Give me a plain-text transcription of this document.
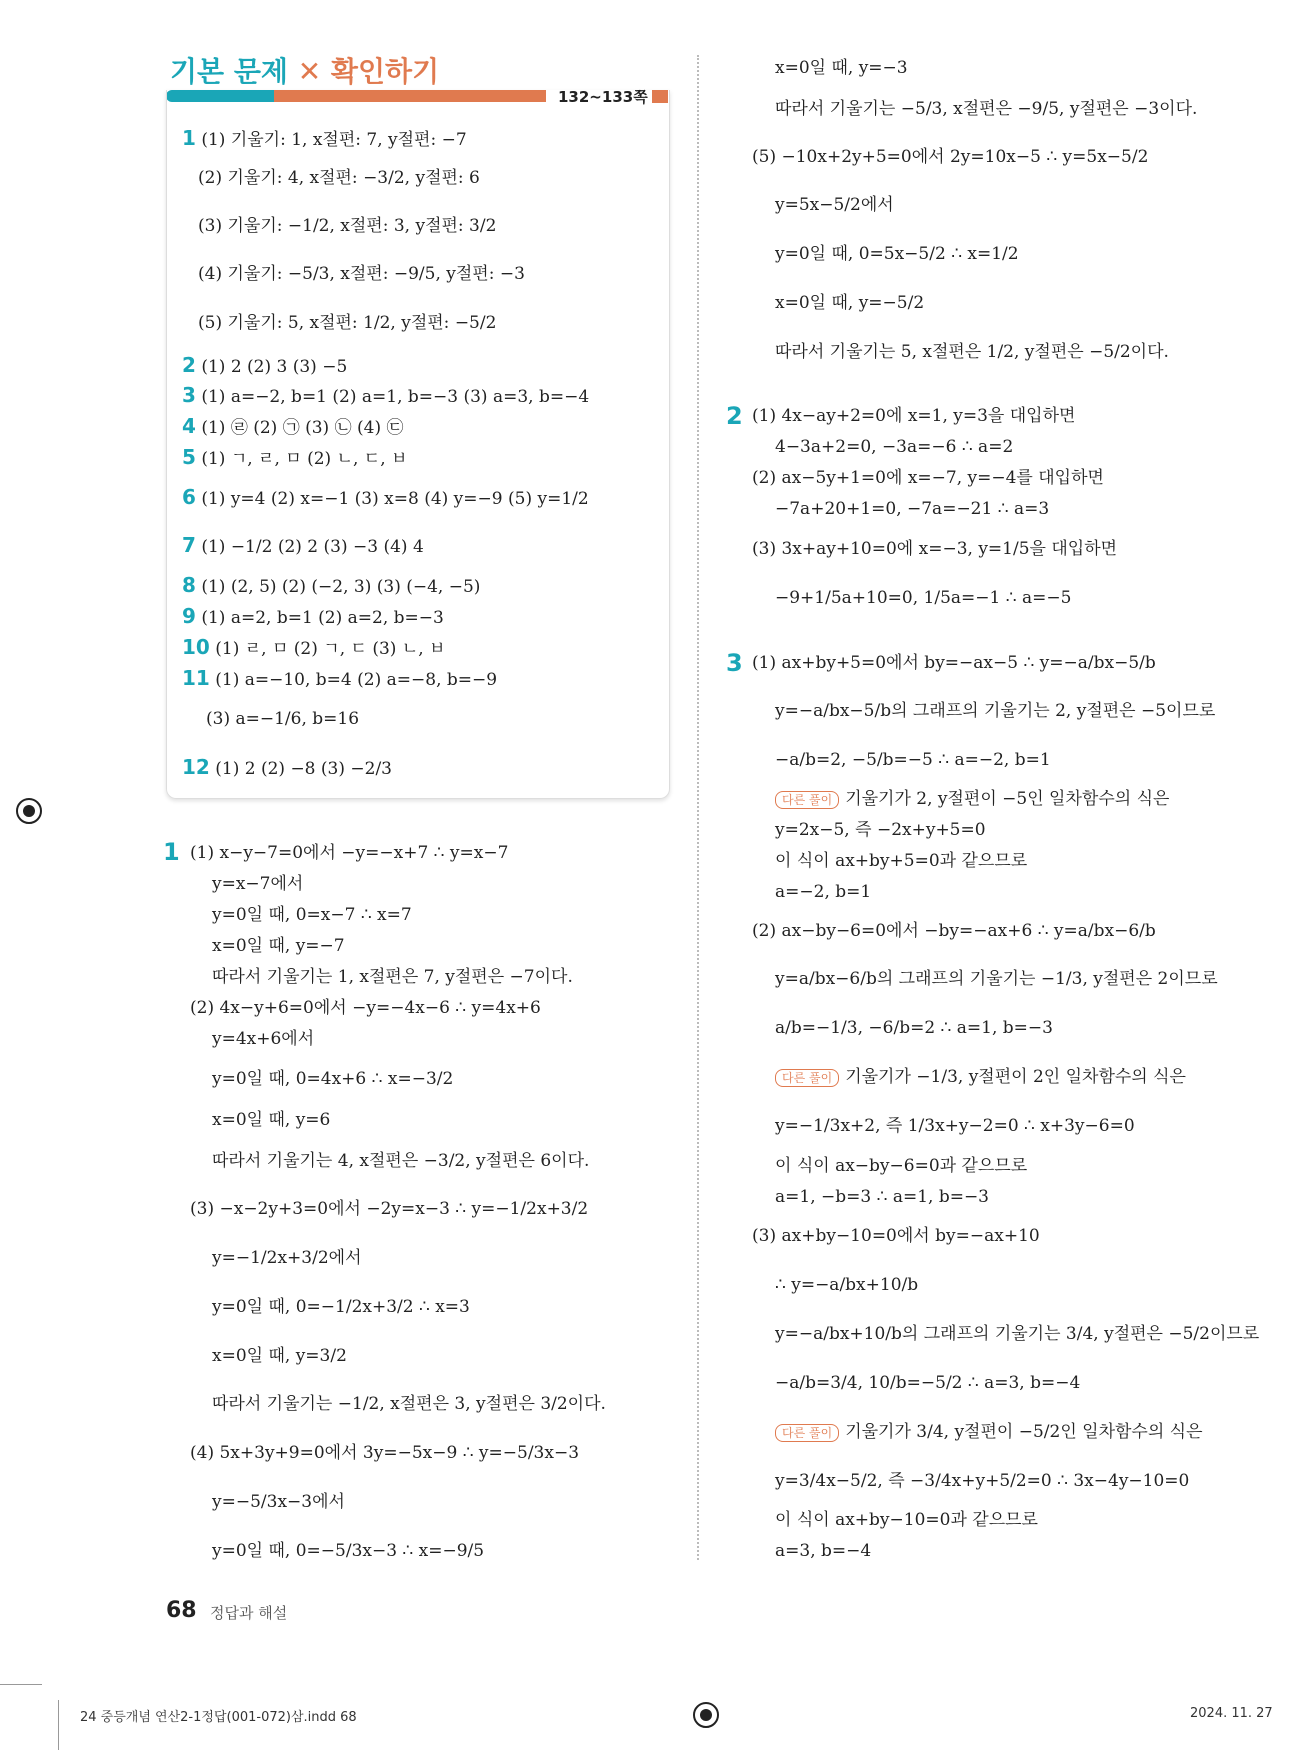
기본 문제 ✕ 확인하기
132~133쪽
1 (1) 기울기: 1, x절편: 7, y절편: −7
(2) 기울기: 4, x절편: −3/2, y절편: 6
(3) 기울기: −1/2, x절편: 3, y절편: 3/2
(4) 기울기: −5/3, x절편: −9/5, y절편: −3
(5) 기울기: 5, x절편: 1/2, y절편: −5/2
2 (1) 2 (2) 3 (3) −5
3 (1) a=−2, b=1 (2) a=1, b=−3 (3) a=3, b=−4
4 (1) ㉣ (2) ㉠ (3) ㉡ (4) ㉢
5 (1) ㄱ, ㄹ, ㅁ (2) ㄴ, ㄷ, ㅂ
6 (1) y=4 (2) x=−1 (3) x=8 (4) y=−9 (5) y=1/2
7 (1) −1/2 (2) 2 (3) −3 (4) 4
8 (1) (2, 5) (2) (−2, 3) (3) (−4, −5)
9 (1) a=2, b=1 (2) a=2, b=−3
10 (1) ㄹ, ㅁ (2) ㄱ, ㄷ (3) ㄴ, ㅂ
11 (1) a=−10, b=4 (2) a=−8, b=−9
(3) a=−1/6, b=16
12 (1) 2 (2) −8 (3) −2/3
1 (1) x−y−7=0에서 −y=−x+7 ∴ y=x−7
y=x−7에서
y=0일 때, 0=x−7 ∴ x=7
x=0일 때, y=−7
따라서 기울기는 1, x절편은 7, y절편은 −7이다.
(2) 4x−y+6=0에서 −y=−4x−6 ∴ y=4x+6
y=4x+6에서
y=0일 때, 0=4x+6 ∴ x=−3/2
x=0일 때, y=6
따라서 기울기는 4, x절편은 −3/2, y절편은 6이다.
(3) −x−2y+3=0에서 −2y=x−3 ∴ y=−1/2x+3/2
y=−1/2x+3/2에서
y=0일 때, 0=−1/2x+3/2 ∴ x=3
x=0일 때, y=3/2
따라서 기울기는 −1/2, x절편은 3, y절편은 3/2이다.
(4) 5x+3y+9=0에서 3y=−5x−9 ∴ y=−5/3x−3
y=−5/3x−3에서
y=0일 때, 0=−5/3x−3 ∴ x=−9/5
x=0일 때, y=−3
따라서 기울기는 −5/3, x절편은 −9/5, y절편은 −3이다.
(5) −10x+2y+5=0에서 2y=10x−5 ∴ y=5x−5/2
y=5x−5/2에서
y=0일 때, 0=5x−5/2 ∴ x=1/2
x=0일 때, y=−5/2
따라서 기울기는 5, x절편은 1/2, y절편은 −5/2이다.
2 (1) 4x−ay+2=0에 x=1, y=3을 대입하면
4−3a+2=0, −3a=−6 ∴ a=2
(2) ax−5y+1=0에 x=−7, y=−4를 대입하면
−7a+20+1=0, −7a=−21 ∴ a=3
(3) 3x+ay+10=0에 x=−3, y=1/5을 대입하면
−9+1/5a+10=0, 1/5a=−1 ∴ a=−5
3 (1) ax+by+5=0에서 by=−ax−5 ∴ y=−a/bx−5/b
y=−a/bx−5/b의 그래프의 기울기는 2, y절편은 −5이므로
−a/b=2, −5/b=−5 ∴ a=−2, b=1
다른 풀이 기울기가 2, y절편이 −5인 일차함수의 식은
y=2x−5, 즉 −2x+y+5=0
이 식이 ax+by+5=0과 같으므로
a=−2, b=1
(2) ax−by−6=0에서 −by=−ax+6 ∴ y=a/bx−6/b
y=a/bx−6/b의 그래프의 기울기는 −1/3, y절편은 2이므로
a/b=−1/3, −6/b=2 ∴ a=1, b=−3
다른 풀이 기울기가 −1/3, y절편이 2인 일차함수의 식은
y=−1/3x+2, 즉 1/3x+y−2=0 ∴ x+3y−6=0
이 식이 ax−by−6=0과 같으므로
a=1, −b=3 ∴ a=1, b=−3
(3) ax+by−10=0에서 by=−ax+10
∴ y=−a/bx+10/b
y=−a/bx+10/b의 그래프의 기울기는 3/4, y절편은 −5/2이므로
−a/b=3/4, 10/b=−5/2 ∴ a=3, b=−4
다른 풀이 기울기가 3/4, y절편이 −5/2인 일차함수의 식은
y=3/4x−5/2, 즉 −3/4x+y+5/2=0 ∴ 3x−4y−10=0
이 식이 ax+by−10=0과 같으므로
a=3, b=−4
68 정답과 해설
24 중등개념 연산2-1정답(001-072)삼.indd 68	2024. 11. 27
